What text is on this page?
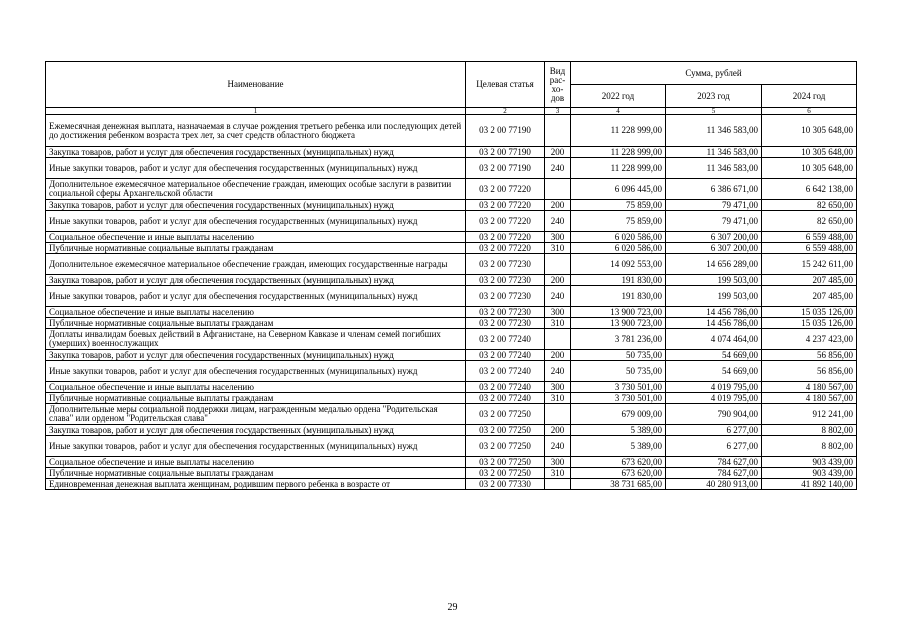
Наименование	Целевая статья	Вид рас-хо-дов	Сумма, рублей		
			2022 год	2023 год	2024 год
1	2	3	4	5	6
Ежемесячная денежная выплата, назначаемая в случае рождения третьего ребенка или последующих детей до достижения ребенком возраста трех лет, за счет средств областного бюджета	03 2 00 77190		11 228 999,00	11 346 583,00	10 305 648,00
Закупка товаров, работ и услуг для обеспечения государственных (муниципальных) нужд	03 2 00 77190	200	11 228 999,00	11 346 583,00	10 305 648,00
Иные закупки товаров, работ и услуг для обеспечения государственных (муниципальных) нужд	03 2 00 77190	240	11 228 999,00	11 346 583,00	10 305 648,00
Дополнительное ежемесячное материальное обеспечение граждан, имеющих особые заслуги в развитии социальной сферы Архангельской области	03 2 00 77220		6 096 445,00	6 386 671,00	6 642 138,00
Закупка товаров, работ и услуг для обеспечения государственных (муниципальных) нужд	03 2 00 77220	200	75 859,00	79 471,00	82 650,00
Иные закупки товаров, работ и услуг для обеспечения государственных (муниципальных) нужд	03 2 00 77220	240	75 859,00	79 471,00	82 650,00
Социальное обеспечение и иные выплаты населению	03 2 00 77220	300	6 020 586,00	6 307 200,00	6 559 488,00
Публичные нормативные социальные выплаты гражданам	03 2 00 77220	310	6 020 586,00	6 307 200,00	6 559 488,00
Дополнительное ежемесячное материальное обеспечение граждан, имеющих государственные награды	03 2 00 77230		14 092 553,00	14 656 289,00	15 242 611,00
Закупка товаров, работ и услуг для обеспечения государственных (муниципальных) нужд	03 2 00 77230	200	191 830,00	199 503,00	207 485,00
Иные закупки товаров, работ и услуг для обеспечения государственных (муниципальных) нужд	03 2 00 77230	240	191 830,00	199 503,00	207 485,00
Социальное обеспечение и иные выплаты населению	03 2 00 77230	300	13 900 723,00	14 456 786,00	15 035 126,00
Публичные нормативные социальные выплаты гражданам	03 2 00 77230	310	13 900 723,00	14 456 786,00	15 035 126,00
Доплаты инвалидам боевых действий в Афганистане, на Северном Кавказе и членам семей погибших (умерших) военнослужащих	03 2 00 77240		3 781 236,00	4 074 464,00	4 237 423,00
Закупка товаров, работ и услуг для обеспечения государственных (муниципальных) нужд	03 2 00 77240	200	50 735,00	54 669,00	56 856,00
Иные закупки товаров, работ и услуг для обеспечения государственных (муниципальных) нужд	03 2 00 77240	240	50 735,00	54 669,00	56 856,00
Социальное обеспечение и иные выплаты населению	03 2 00 77240	300	3 730 501,00	4 019 795,00	4 180 567,00
Публичные нормативные социальные выплаты гражданам	03 2 00 77240	310	3 730 501,00	4 019 795,00	4 180 567,00
Дополнительные меры социальной поддержки лицам, награжденным медалью ордена "Родительская слава" или орденом "Родительская слава"	03 2 00 77250		679 009,00	790 904,00	912 241,00
Закупка товаров, работ и услуг для обеспечения государственных (муниципальных) нужд	03 2 00 77250	200	5 389,00	6 277,00	8 802,00
Иные закупки товаров, работ и услуг для обеспечения государственных (муниципальных) нужд	03 2 00 77250	240	5 389,00	6 277,00	8 802,00
Социальное обеспечение и иные выплаты населению	03 2 00 77250	300	673 620,00	784 627,00	903 439,00
Публичные нормативные социальные выплаты гражданам	03 2 00 77250	310	673 620,00	784 627,00	903 439,00
Единовременная денежная выплата женщинам, родившим первого ребенка в возрасте от	03 2 00 77330		38 731 685,00	40 280 913,00	41 892 140,00
29
